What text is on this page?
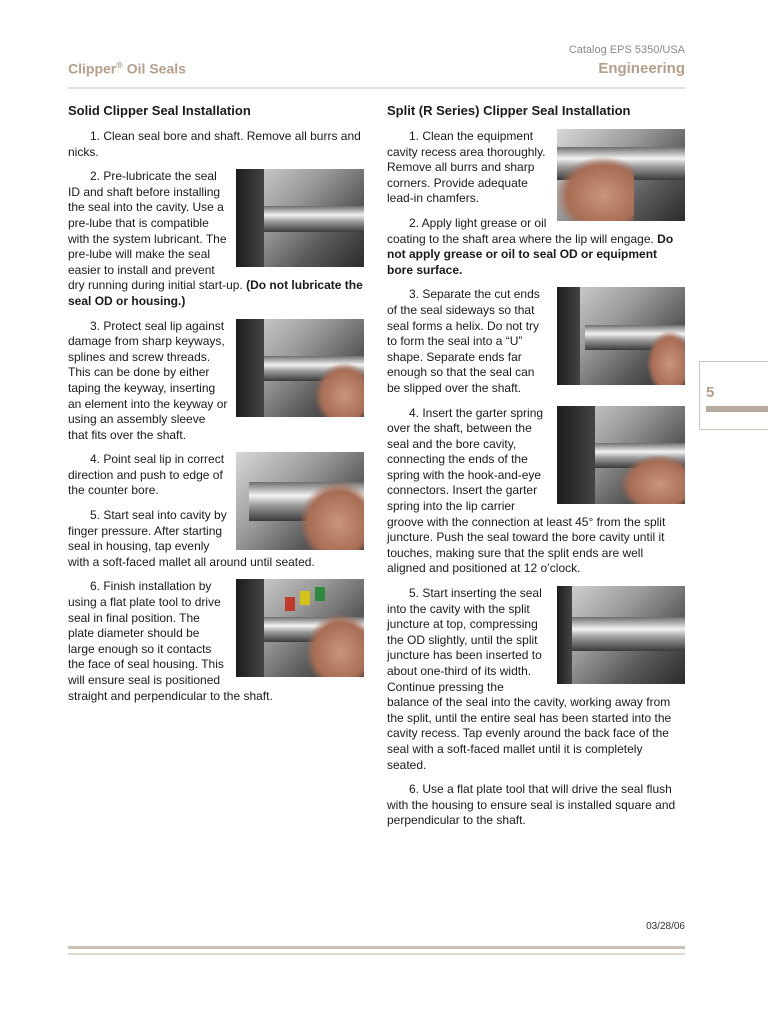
Catalog EPS 5350/USA
Clipper® Oil Seals	Engineering
Solid Clipper Seal Installation

1. Clean seal bore and shaft. Remove all burrs and nicks.

2. Pre-lubricate the seal ID and shaft before installing the seal into the cavity. Use a pre-lube that is compatible with the system lubricant. The pre-lube will make the seal easier to install and prevent dry running during initial start-up. (Do not lubricate the seal OD or housing.)

3. Protect seal lip against damage from sharp keyways, splines and screw threads. This can be done by either taping the keyway, inserting an element into the keyway or using an assembly sleeve that fits over the shaft.

4. Point seal lip in correct direction and push to edge of the counter bore.

5. Start seal into cavity by finger pressure. After starting seal in housing, tap evenly with a soft-faced mallet all around until seated.

6. Finish installation by using a flat plate tool to drive seal in final position. The plate diameter should be large enough so it contacts the face of seal housing. This will ensure seal is positioned straight and perpendicular to the shaft.

Split (R Series) Clipper Seal Installation

1. Clean the equipment cavity recess area thoroughly. Remove all burrs and sharp corners. Provide adequate lead-in chamfers.

2. Apply light grease or oil coating to the shaft area where the lip will engage. Do not apply grease or oil to seal OD or equipment bore surface.

3. Separate the cut ends of the seal sideways so that seal forms a helix. Do not try to form the seal into a “U” shape. Separate ends far enough so that the seal can be slipped over the shaft.

4. Insert the garter spring over the shaft, between the seal and the bore cavity, connecting the ends of the spring with the hook-and-eye connectors. Insert the garter spring into the lip carrier groove with the connection at least 45° from the split juncture. Push the seal toward the bore cavity until it touches, making sure that the split ends are well aligned and positioned at 12 o’clock.

5. Start inserting the seal into the cavity with the split juncture at top, compressing the OD slightly, until the split juncture has been inserted to about one-third of its width. Continue pressing the balance of the seal into the cavity, working away from the split, until the entire seal has been started into the cavity recess. Tap evenly around the back face of the seal with a soft-faced mallet until it is completely seated.

6. Use a flat plate tool that will drive the seal flush with the housing to ensure seal is installed square and perpendicular to the shaft.

5
03/28/06
